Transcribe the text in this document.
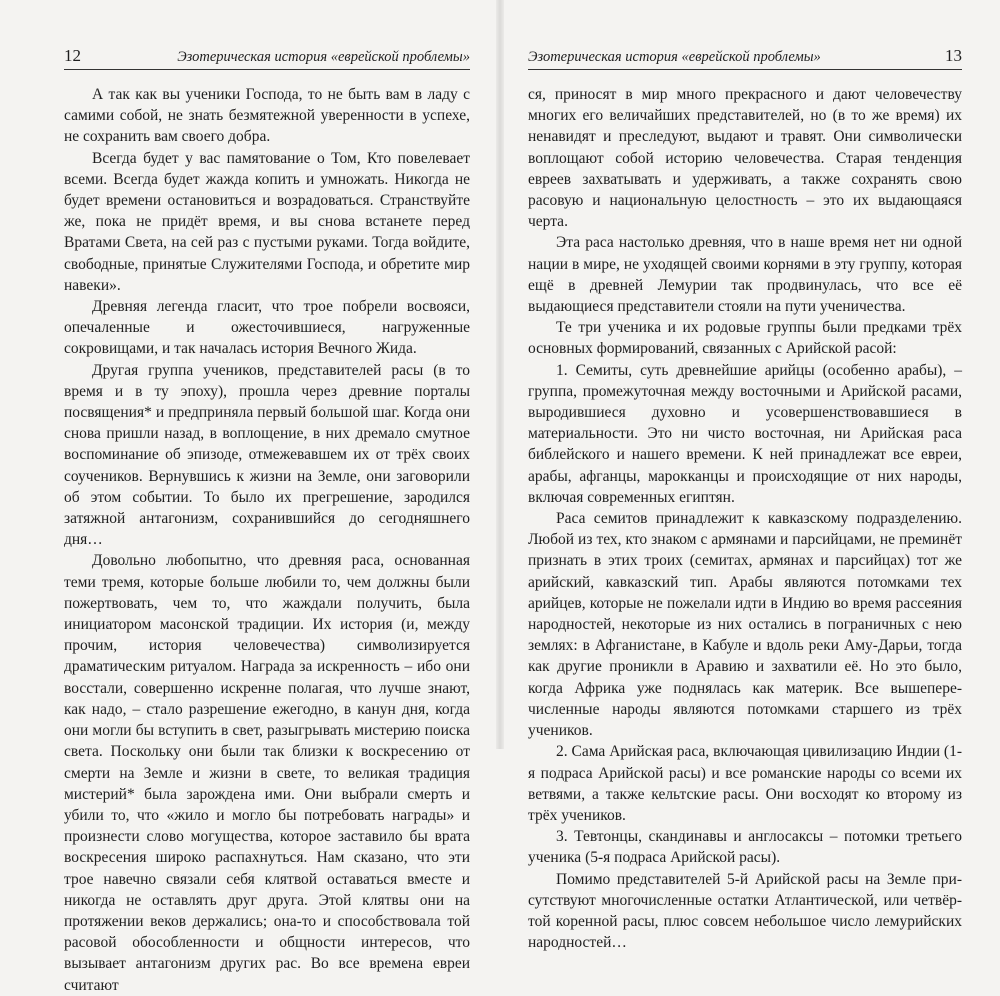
12	Эзотерическая история «еврейской проблемы»

А так как вы ученики Господа, то не быть вам в ладу с самими собой, не знать безмятежной уверенности в успехе, не сохранить вам своего добра.

Всегда будет у вас памятование о Том, Кто повелевает всеми. Всегда будет жажда копить и умножать. Никогда не будет времени остановиться и возрадоваться. Странствуйте же, пока не придёт время, и вы снова встанете перед Вратами Света, на сей раз с пустыми руками. Тогда войдите, свободные, принятые Служителями Господа, и обретите мир навеки».

Древняя легенда гласит, что трое побрели восвояси, опечаленные и ожесточившиеся, нагруженные сокровищами, и так началась история Вечного Жида.

Другая группа учеников, представителей расы (в то время и в ту эпоху), прошла через древние порталы посвящения* и предприняла первый большой шаг. Когда они снова пришли назад, в воплощение, в них дремало смутное воспоминание об эпизоде, отмежевавшем их от трёх своих соучеников. Вернувшись к жизни на Земле, они заговорили об этом событии. То было их прегрешение, зародился затяжной антагонизм, сохранившийся до сегодняшнего дня…

Довольно любопытно, что древняя раса, основанная теми тремя, которые больше любили то, чем должны были пожертвовать, чем то, что жаждали получить, была инициатором масонской традиции. Их история (и, между прочим, история человечества) символизируется драматическим ритуалом. Награда за искренность – ибо они восстали, совершенно искренне полагая, что лучше знают, как надо, – стало разрешение ежегодно, в канун дня, когда они могли бы вступить в свет, разыгрывать мистерию поиска света. Поскольку они были так близки к воскресению от смерти на Земле и жизни в свете, то великая традиция мистерий* была зарождена ими. Они выбрали смерть и убили то, что «жило и могло бы потребовать награды» и произнести слово могущества, которое заставило бы врата воскресения широко распахнуться. Нам сказано, что эти трое навечно связали себя клятвой оставаться вместе и никогда не оставлять друг друга. Этой клятвы они на протяжении веков держались; она-то и способствовала той расовой обособленности и общности интересов, что вызывает антагонизм других рас. Во все времена евреи считают

Эзотерическая история «еврейской проблемы»	13

ся, приносят в мир много прекрасного и дают человечеству многих его величайших представителей, но (в то же время) их ненавидят и преследуют, выдают и травят. Они символически воплощают собой историю человечества. Старая тенденция евреев захватывать и удерживать, а также сохранять свою расовую и национальную целостность – это их выдающаяся черта.

Эта раса настолько древняя, что в наше время нет ни одной нации в мире, не уходящей своими корнями в эту группу, которая ещё в древней Лемурии так продвинулась, что все её выдающиеся представители стояли на пути ученичества.

Те три ученика и их родовые группы были предками трёх основных формирований, связанных с Арийской расой:

1. Семиты, суть древнейшие арийцы (особенно арабы), – группа, промежуточная между восточными и Арийской расами, выродившиеся духовно и усовершенствовавшиеся в материальности. Это ни чисто восточная, ни Арийская раса библейского и нашего времени. К ней принадлежат все евреи, арабы, афганцы, марокканцы и происходящие от них народы, включая современных египтян.

Раса семитов принадлежит к кавказскому подразделению. Любой из тех, кто знаком с армянами и парсийцами, не преминёт признать в этих троих (семитах, армянах и парсийцах) тот же арийский, кавказский тип. Арабы являются потомками тех арийцев, которые не пожелали идти в Индию во время рассеяния народностей, некоторые из них остались в пограничных с нею землях: в Афганистане, в Кабуле и вдоль реки Аму-Дарьи, тогда как другие проникли в Аравию и захватили её. Но это было, когда Африка уже поднялась как материк. Все вышеперечисленные народы являются потомками старшего из трёх учеников.

2. Сама Арийская раса, включающая цивилизацию Индии (1-я подраса Арийской расы) и все романские народы со всеми их ветвями, а также кельтские расы. Они восходят ко второму из трёх учеников.

3. Тевтонцы, скандинавы и англосаксы – потомки третьего ученика (5-я подраса Арийской расы).

Помимо представителей 5-й Арийской расы на Земле присутствуют многочисленные остатки Атлантической, или четвёртой коренной расы, плюс совсем небольшое число лемурийских народностей…
